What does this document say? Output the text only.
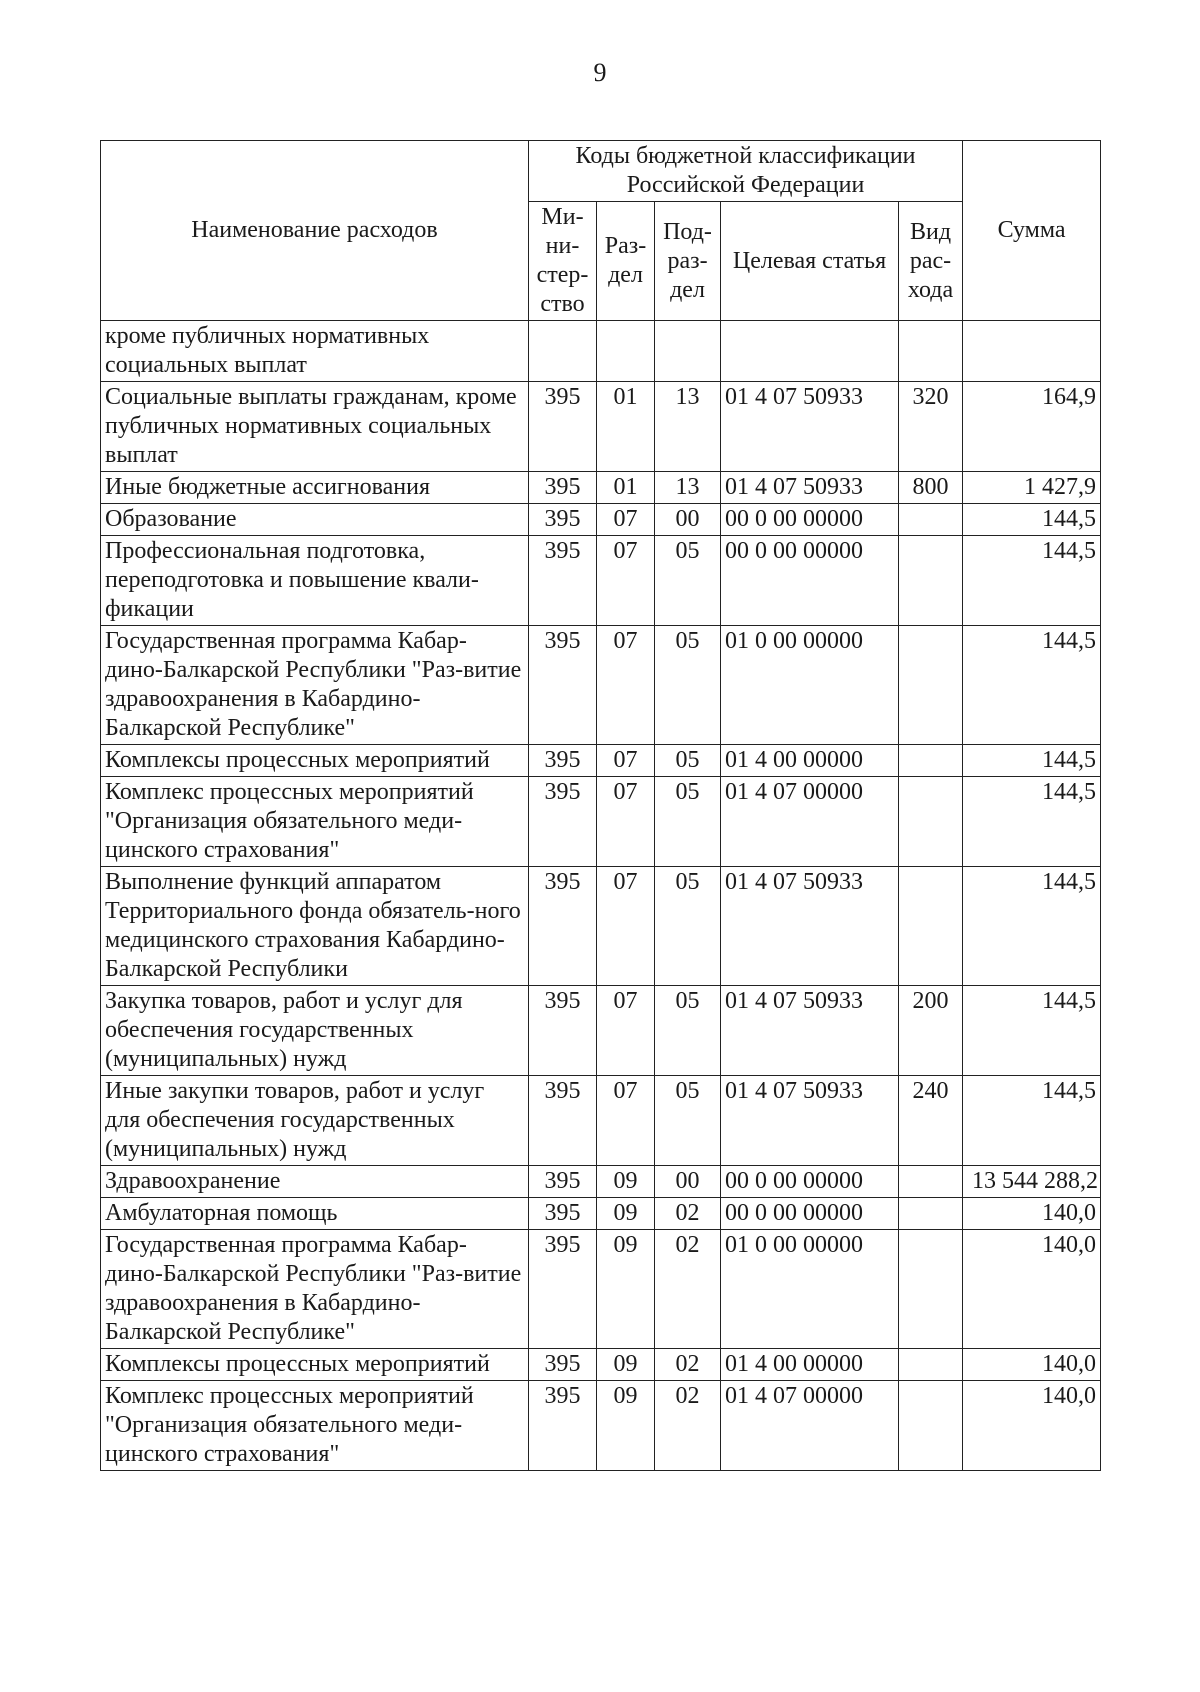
9
Наименование расходов	Коды бюджетной классификации Российской Федерации					Сумма
	Ми-ни-стер-ство	Раз-дел	Под-раз-дел	Целевая статья	Вид рас-хода	
кроме публичных нормативных социальных выплат						
Социальные выплаты гражданам, кроме публичных нормативных социальных выплат	395	01	13	01 4 07 50933	320	164,9
Иные бюджетные ассигнования	395	01	13	01 4 07 50933	800	1 427,9
Образование	395	07	00	00 0 00 00000		144,5
Профессиональная подготовка, переподготовка и повышение квали-фикации	395	07	05	00 0 00 00000		144,5
Государственная программа Кабар-дино-Балкарской Республики "Раз-витие здравоохранения в Кабардино-Балкарской Республике"	395	07	05	01 0 00 00000		144,5
Комплексы процессных мероприятий	395	07	05	01 4 00 00000		144,5
Комплекс процессных мероприятий "Организация обязательного меди-цинского страхования"	395	07	05	01 4 07 00000		144,5
Выполнение функций аппаратом Территориального фонда обязатель-ного медицинского страхования Кабардино-Балкарской Республики	395	07	05	01 4 07 50933		144,5
Закупка товаров, работ и услуг для обеспечения государственных (муниципальных) нужд	395	07	05	01 4 07 50933	200	144,5
Иные закупки товаров, работ и услуг для обеспечения государственных (муниципальных) нужд	395	07	05	01 4 07 50933	240	144,5
Здравоохранение	395	09	00	00 0 00 00000		13 544 288,2
Амбулаторная помощь	395	09	02	00 0 00 00000		140,0
Государственная программа Кабар-дино-Балкарской Республики "Раз-витие здравоохранения в Кабардино-Балкарской Республике"	395	09	02	01 0 00 00000		140,0
Комплексы процессных мероприятий	395	09	02	01 4 00 00000		140,0
Комплекс процессных мероприятий "Организация обязательного меди-цинского страхования"	395	09	02	01 4 07 00000		140,0
